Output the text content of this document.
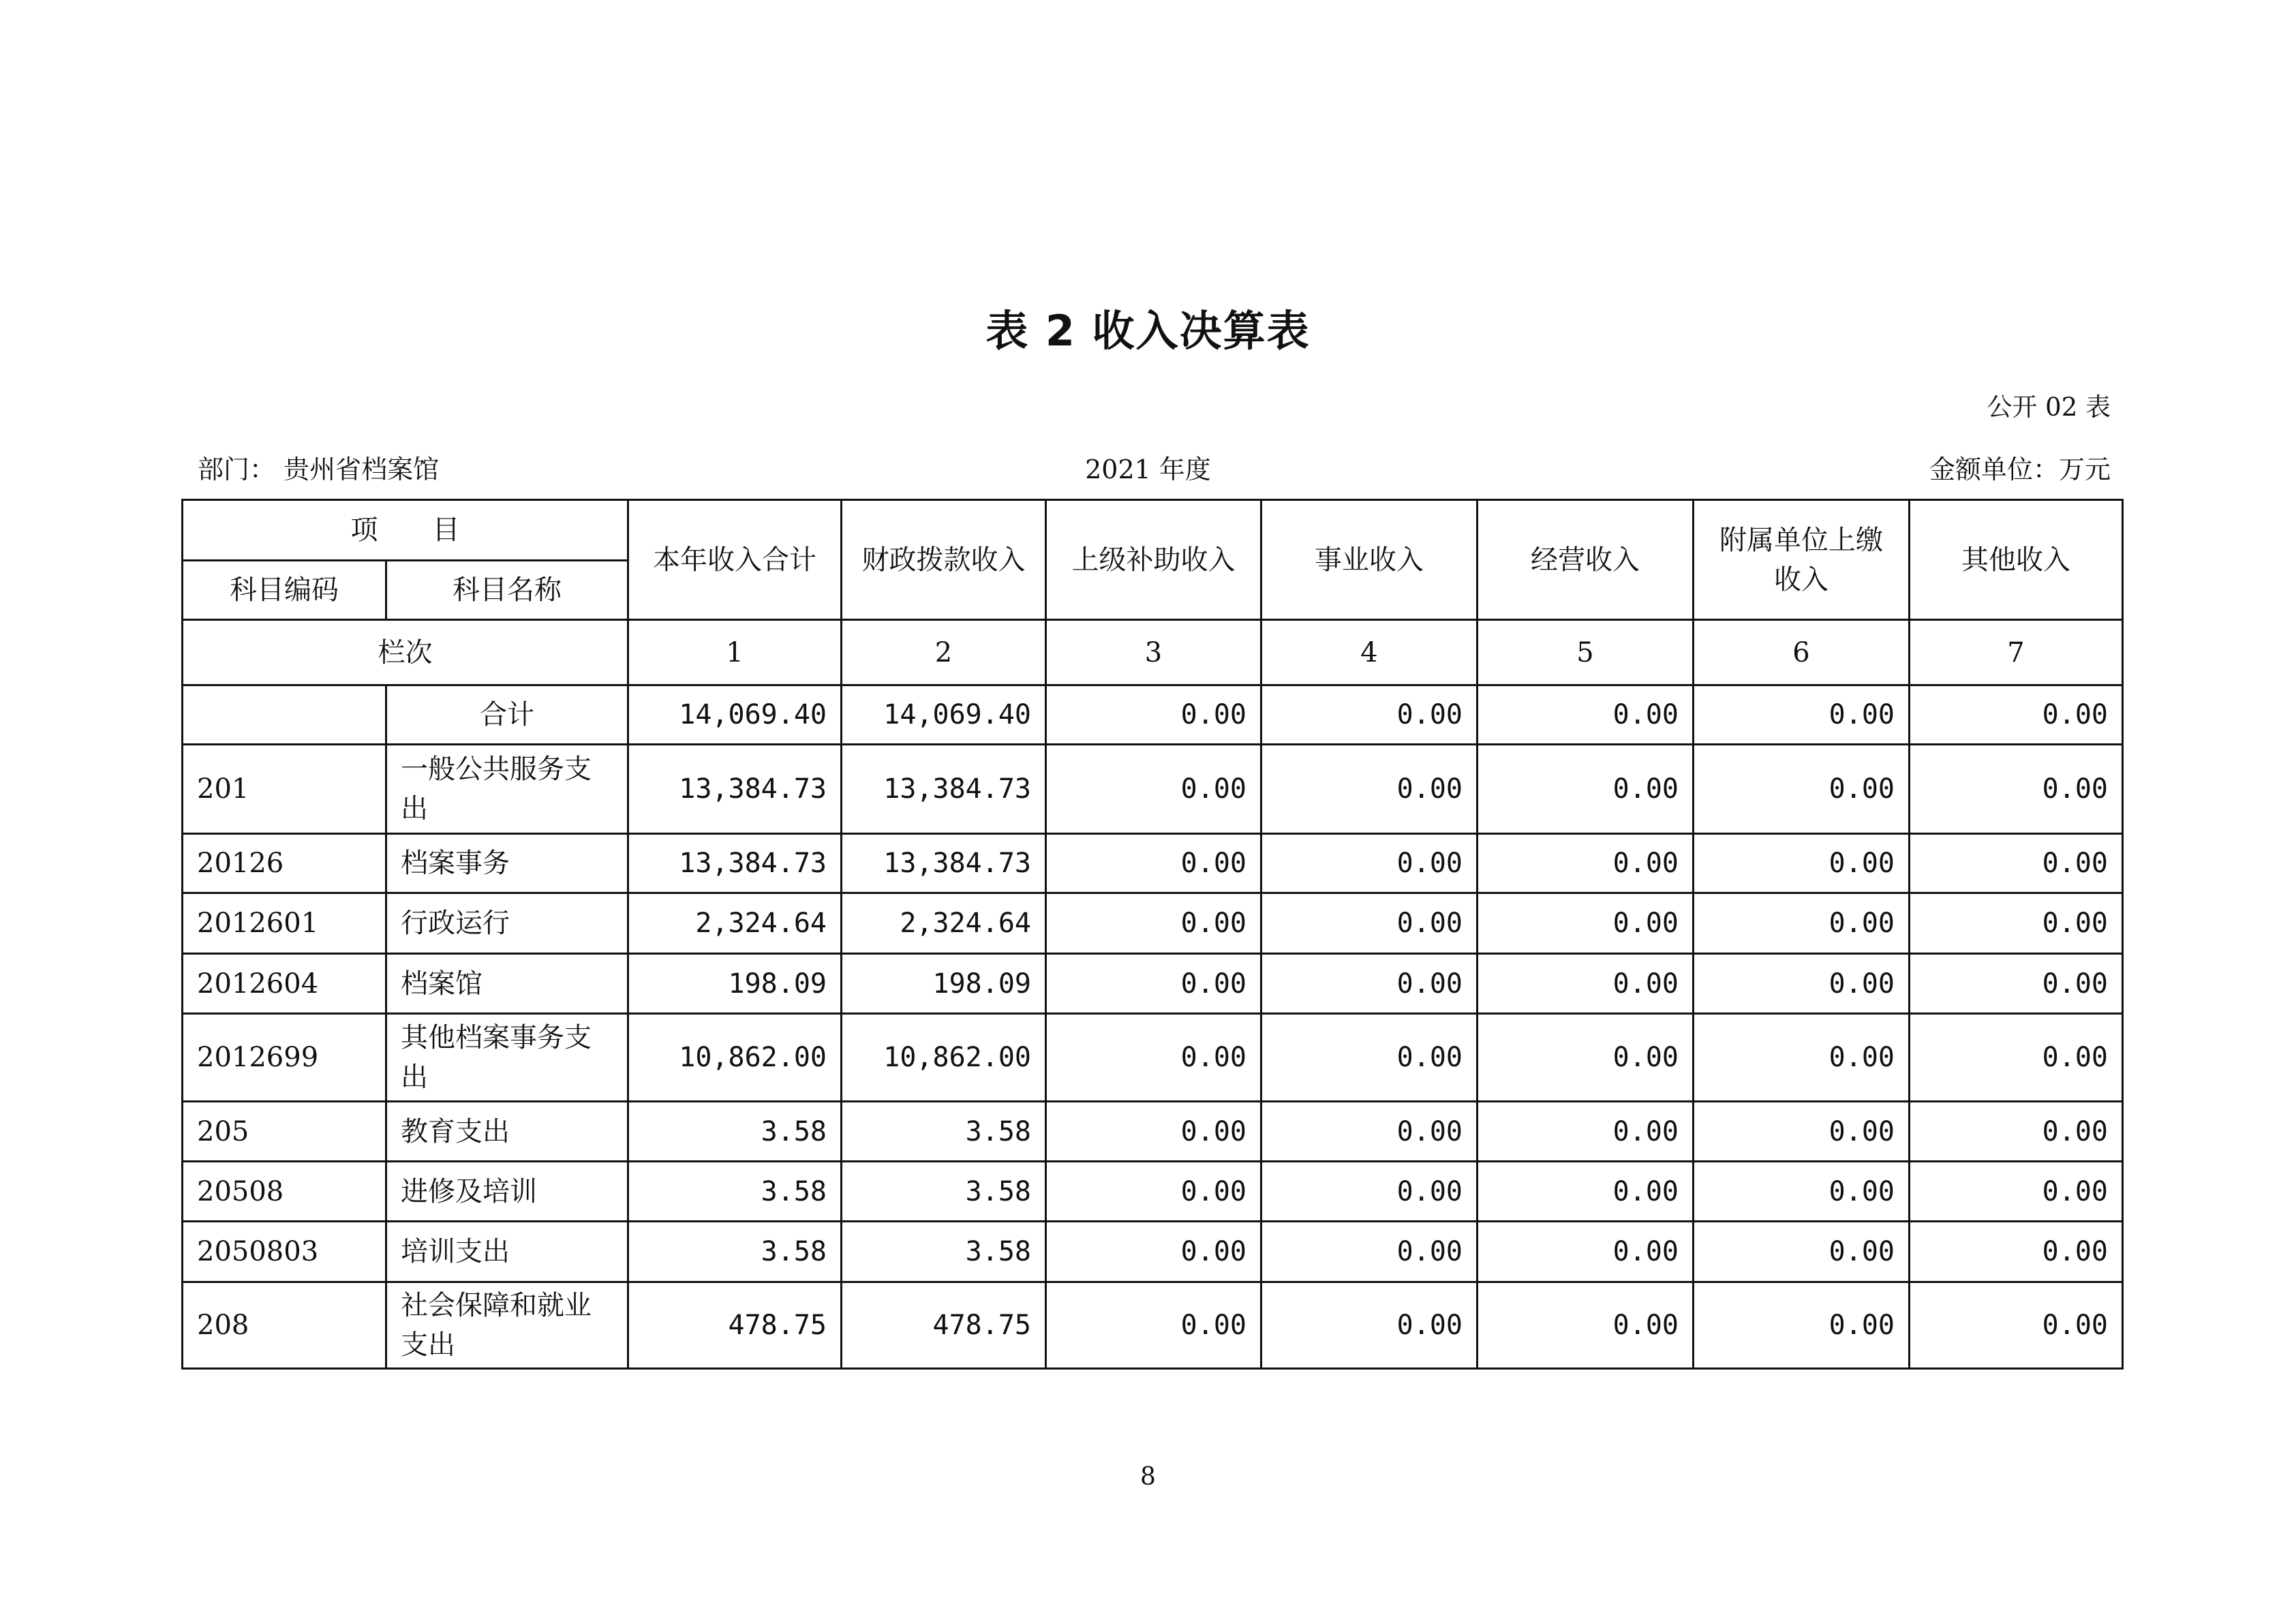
表 2 收入决算表
公开 02 表
部门： 贵州省档案馆	2021 年度	金额单位：万元
项　　目		本年收入合计	财政拨款收入	上级补助收入	事业收入	经营收入	附属单位上缴收入	其他收入
科目编码	科目名称							
栏次		1	2	3	4	5	6	7
	合计	14,069.40	14,069.40	0.00	0.00	0.00	0.00	0.00
201	一般公共服务支出	13,384.73	13,384.73	0.00	0.00	0.00	0.00	0.00
20126	档案事务	13,384.73	13,384.73	0.00	0.00	0.00	0.00	0.00
2012601	行政运行	2,324.64	2,324.64	0.00	0.00	0.00	0.00	0.00
2012604	档案馆	198.09	198.09	0.00	0.00	0.00	0.00	0.00
2012699	其他档案事务支出	10,862.00	10,862.00	0.00	0.00	0.00	0.00	0.00
205	教育支出	3.58	3.58	0.00	0.00	0.00	0.00	0.00
20508	进修及培训	3.58	3.58	0.00	0.00	0.00	0.00	0.00
2050803	培训支出	3.58	3.58	0.00	0.00	0.00	0.00	0.00
208	社会保障和就业支出	478.75	478.75	0.00	0.00	0.00	0.00	0.00
8
